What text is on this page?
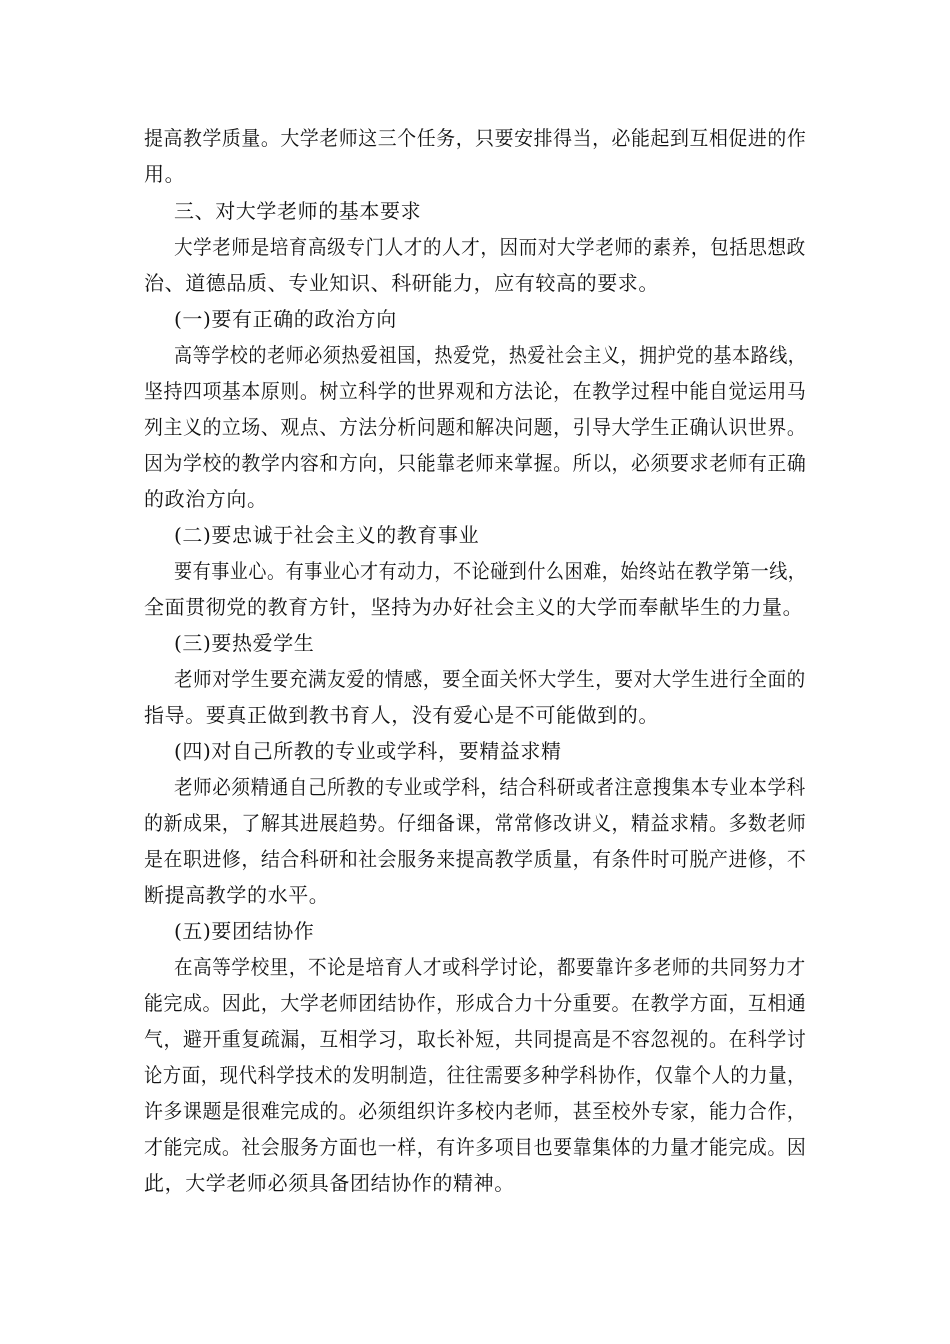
提高教学质量。大学老师这三个任务，只要安排得当，必能起到互相促进的作
用。
三、对大学老师的基本要求
大学老师是培育高级专门人才的人才，因而对大学老师的素养，包括思想政
治、道德品质、专业知识、科研能力，应有较高的要求。
(一)要有正确的政治方向
高等学校的老师必须热爱祖国，热爱党，热爱社会主义，拥护党的基本路线，
坚持四项基本原则。树立科学的世界观和方法论，在教学过程中能自觉运用马
列主义的立场、观点、方法分析问题和解决问题，引导大学生正确认识世界。
因为学校的教学内容和方向，只能靠老师来掌握。所以，必须要求老师有正确
的政治方向。
(二)要忠诚于社会主义的教育事业
要有事业心。有事业心才有动力，不论碰到什么困难，始终站在教学第一线，
全面贯彻党的教育方针，坚持为办好社会主义的大学而奉献毕生的力量。
(三)要热爱学生
老师对学生要充满友爱的情感，要全面关怀大学生，要对大学生进行全面的
指导。要真正做到教书育人，没有爱心是不可能做到的。
(四)对自己所教的专业或学科，要精益求精
老师必须精通自己所教的专业或学科，结合科研或者注意搜集本专业本学科
的新成果，了解其进展趋势。仔细备课，常常修改讲义，精益求精。多数老师
是在职进修，结合科研和社会服务来提高教学质量，有条件时可脱产进修，不
断提高教学的水平。
(五)要团结协作
在高等学校里，不论是培育人才或科学讨论，都要靠许多老师的共同努力才
能完成。因此，大学老师团结协作，形成合力十分重要。在教学方面，互相通
气，避开重复疏漏，互相学习，取长补短，共同提高是不容忽视的。在科学讨
论方面，现代科学技术的发明制造，往往需要多种学科协作，仅靠个人的力量，
许多课题是很难完成的。必须组织许多校内老师，甚至校外专家，能力合作，
才能完成。社会服务方面也一样，有许多项目也要靠集体的力量才能完成。因
此，大学老师必须具备团结协作的精神。
